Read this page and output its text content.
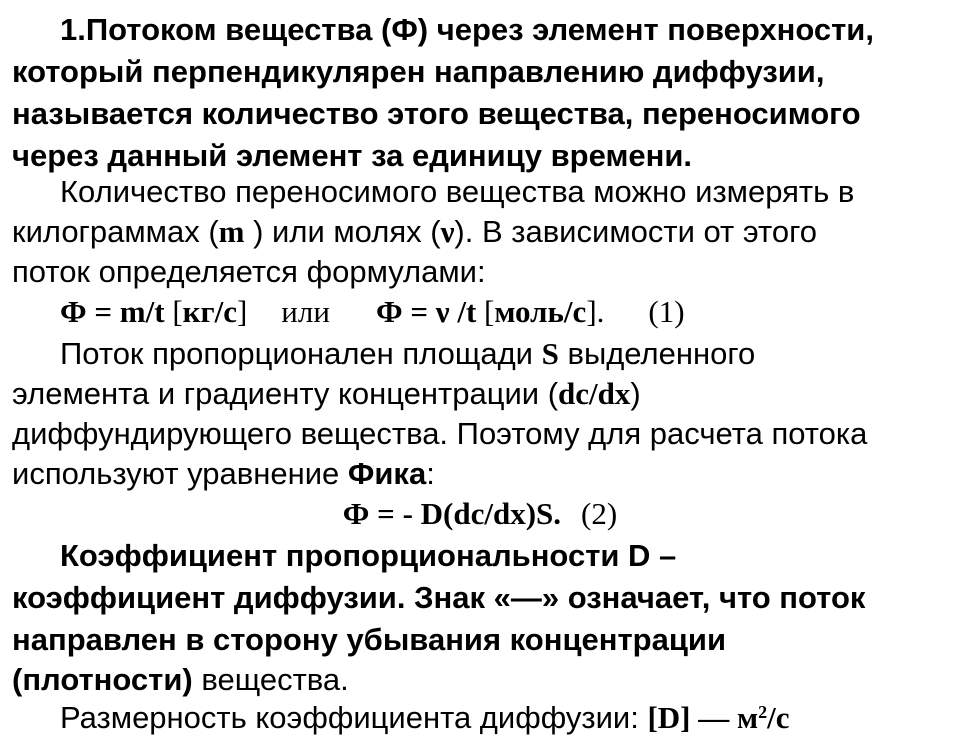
1.Потоком вещества (Ф) через элемент поверхности,
который перпендикулярен направлению диффузии,
называется количество этого вещества, переносимого
через данный элемент за единицу времени.
Количество переносимого вещества можно измерять в
килограммах (m ) или молях (ν). В зависимости от этого
поток определяется формулами:
Ф = m/t [кг/с] или Ф = ν /t [моль/с]. (1)
Поток пропорционален площади S выделенного
элемента и градиенту концентрации (dc/dx)
диффундирующего вещества. Поэтому для расчета потока
используют уравнение Фика:
Ф = - D(dc/dx)S. (2)
Коэффициент пропорциональности D –
коэффициент диффузии. Знак «—» означает, что поток
направлен в сторону убывания концентрации
(плотности) вещества.
Размерность коэффициента диффузии: [D] — $м^2/с$
